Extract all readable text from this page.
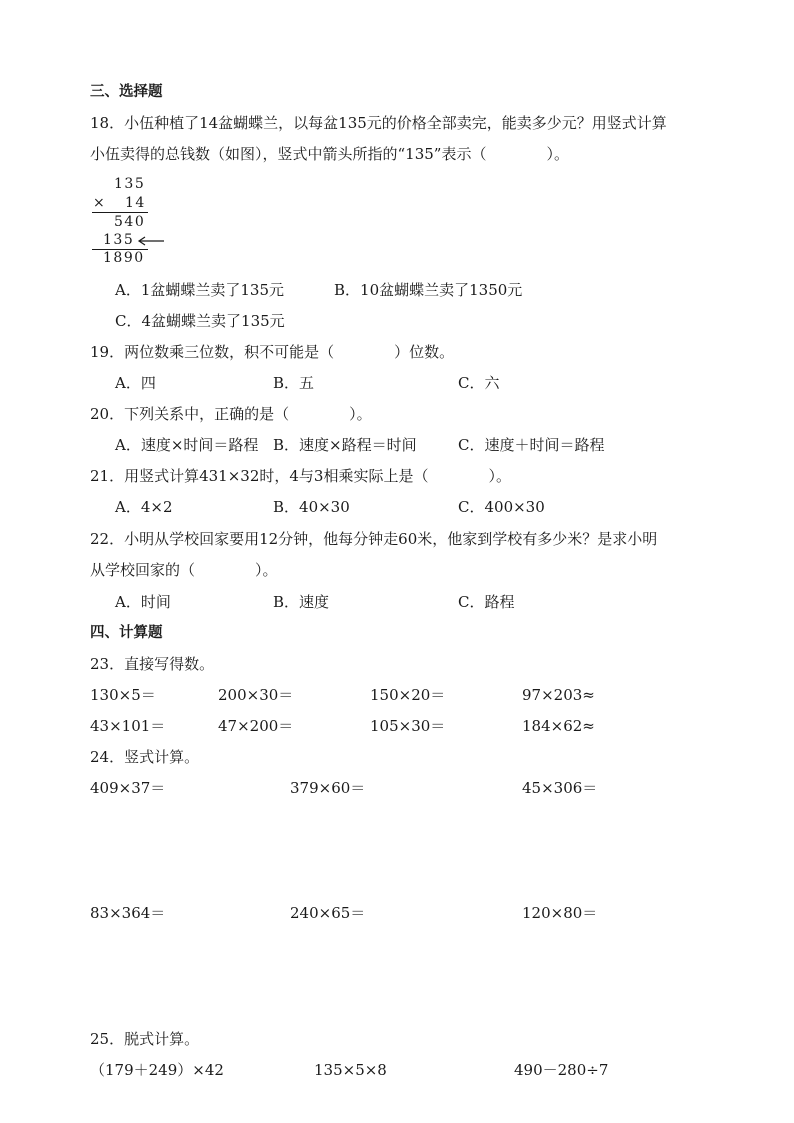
三、选择题
18．小伍种植了14盆蝴蝶兰，以每盆135元的价格全部卖完，能卖多少元？用竖式计算
小伍卖得的总钱数（如图），竖式中箭头所指的“135”表示（　　　　）。
135
× 14
540
135
1890
A．1盆蝴蝶兰卖了135元	B．10盆蝴蝶兰卖了1350元
C．4盆蝴蝶兰卖了135元
19．两位数乘三位数，积不可能是（　　　　）位数。
A．四	B．五	C．六
20．下列关系中，正确的是（　　　　）。
A．速度×时间＝路程 B．速度×路程＝时间	C．速度＋时间＝路程
21．用竖式计算431×32时，4与3相乘实际上是（　　　　）。
A．4×2	B．40×30	C．400×30
22．小明从学校回家要用12分钟，他每分钟走60米，他家到学校有多少米？是求小明
从学校回家的（　　　　）。
A．时间	B．速度	C．路程
四、计算题
23．直接写得数。
130×5＝	200×30＝	150×20＝	97×203≈
43×101＝	47×200＝	105×30＝	184×62≈
24．竖式计算。
409×37＝	379×60＝	45×306＝
83×364＝	240×65＝	120×80＝
25．脱式计算。
（179＋249）×42	135×5×8	490－280÷7
